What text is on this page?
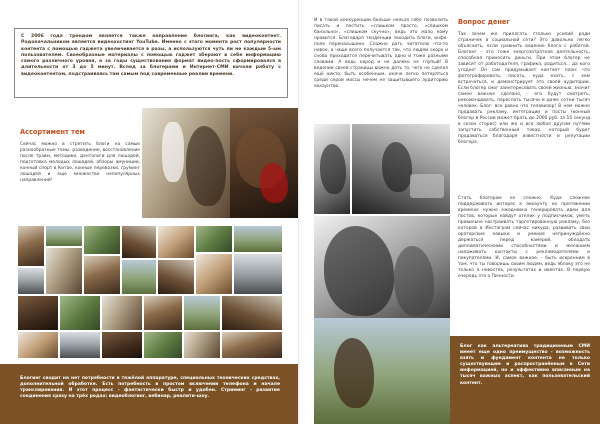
С 2006 года трендом является также направление блогинга, как видеоконтент. Родоначальником является видеохостинг YouTube. Именно с этого момента рост популярности контента с помощью гаджета увеличивается в разы, а используются чуть ли не каждым 5-ым пользователем. Своеобразные материалы с помощью гаджет зберают в себе информацию самого различного уровня, а за годы существования формат видео-пость сформировался в длительности от 3 до 5 минут. Вслед за блогерами и Интернет-СМИ начали работу с видеоконтентом, подстраиваясь там самым под современные реалии времени.

Ассортимент тем
Сейчас можно в стретить блоги на самые разнообразные темы: разведение, восстановление после травм, методики, дентологи для лошадей, подготовка молодых лошадей, обзоры амуниции, конный спорт в Китае, конные перевозки, груминг лошадей и еще множество непопулярных направлений!

Блогинг сводит на нет потребности в тяжёлой аппаратуре, специальных технических средствах, дополнительной обработке. Есть потребность в простом включении телефона и начале транслирования. И этот процесс - фантастически быстр и удобен. Стриминг - развитие соединения сразу на трёх родах: видеоблогинг, вебинар, реалити-шоу.

И в такой конкуренции больше нельзя себе позволить писать и постить «слишком просто, «слишком банально», «слишком скучно», ведь это мало кому нравится. Благодаря тенденции заходить блоги, инфо-поле перенасыщено. Сложно дать читателю что-то новое, а чаще всего получается так, что людям скоро и снова приходится перечитывать одно и тоже разными словами. А ведь народ и не далеко не глупый! В ведении своей страницы важно дать то, чего не сделал ещё никто, быть особенным, иначе легко потеряться среди серой массы нечем не защитывшего аудиторию аккаунтов.
Вопрос денег
Так зачем же прилагать столько усилий ради страничек в социальной сети? Это довольно легко объяснить, если сравнить ведение блога с работой. Блогинг - это тоже энергозатратная деятельность, способная приносить деньги. При этом блогер не зависит от работодателя, графика, родиться... да кого угодно! Он сам придумывает контент план: что фотографировать, писать, куда ехать, с кем встречаться, и демонстрирует это своей аудитории. Если блогер смог заинтересовать своей жизнью, значит самое важное сделано, - его будут смотреть, рекомендовать, переслать тысячи и даже сотни тысяч человек. Блог- все равно что телевизор! В нем можно продавать рекламу, интеграции и посты (конный блогер в России может брать до 2000 руб. за 15 секунд в сезон сторис) или же и все любая другим путями запустить собственный товар, который будет продаваться благодаря известности и репутации блогера.
Стать блогером не сложно. Куда сложнее поддерживать интерес к аккаунту на протяжении времени: нужно ежедневно генерировать идеи для постов, которые найдут отклик у подписчиков, уметь правильно настраивать таргетированную рекламу, без которой в Инстаграм сейчас никуда, развивать свои ораторские навыки и умение непринуждённо держаться перед камерой, обладать дипломатическими способностями и желанием налаживать контакты с рекламодателями и покупателями. И, самое важное, - быть искренним в том, что ты говоришь своим людям, ведь яблоку это не только о новостях, результатах и ивентах. В первую очередь это о Личности.

Блог как альтернатива традиционным СМИ имеет еще одно преимущество - возможность взять и фундамент контента не только существующим и распространённым в Сети информацией, но и эффективно вписанным на тысяч важных аспект, как пользовательский контент.
